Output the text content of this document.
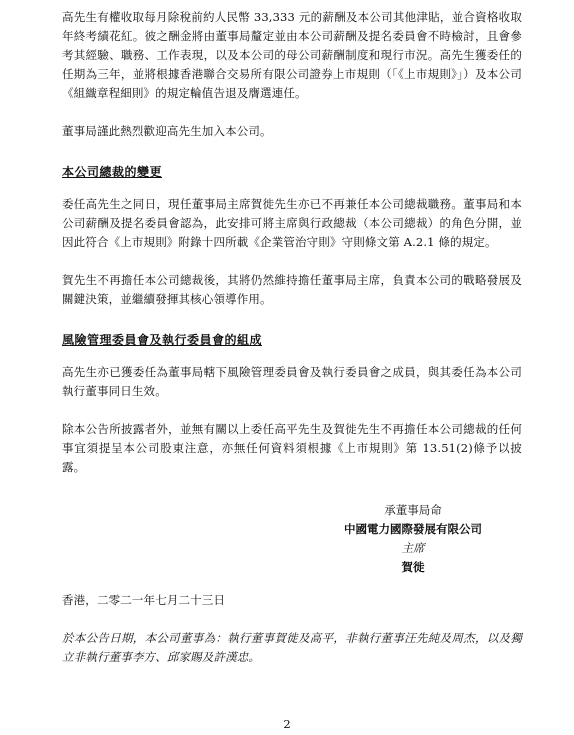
高先生有權收取每月除稅前約人民幣 33,333 元的薪酬及本公司其他津貼，並合資格收取年終考績花紅。彼之酬金將由董事局釐定並由本公司薪酬及提名委員會不時檢討，且會參考其經驗、職務、工作表現，以及本公司的母公司薪酬制度和現行市況。高先生獲委任的任期為三年，並將根據香港聯合交易所有限公司證券上市規則（「《上市規則》」）及本公司《組織章程細則》的規定輪值告退及膺選連任。

董事局謹此熱烈歡迎高先生加入本公司。

本公司總裁的變更

委任高先生之同日，現任董事局主席賀徙先生亦已不再兼任本公司總裁職務。董事局和本公司薪酬及提名委員會認為，此安排可將主席與行政總裁（本公司總裁）的角色分開，並因此符合《上市規則》附錄十四所載《企業管治守則》守則條文第 A.2.1 條的規定。

賀先生不再擔任本公司總裁後，其將仍然維持擔任董事局主席，負責本公司的戰略發展及關鍵決策，並繼續發揮其核心領導作用。

風險管理委員會及執行委員會的組成

高先生亦已獲委任為董事局轄下風險管理委員會及執行委員會之成員，與其委任為本公司執行董事同日生效。

除本公告所披露者外，並無有關以上委任高平先生及賀徙先生不再擔任本公司總裁的任何事宜須提呈本公司股東注意，亦無任何資料須根據《上市規則》第 13.51(2)條予以披露。

承董事局命
中國電力國際發展有限公司
主席
賀徙

香港，二零二一年七月二十三日

於本公告日期，本公司董事為：執行董事賀徙及高平，非執行董事汪先純及周杰，以及獨立非執行董事李方、邱家賜及許漢忠。

2
